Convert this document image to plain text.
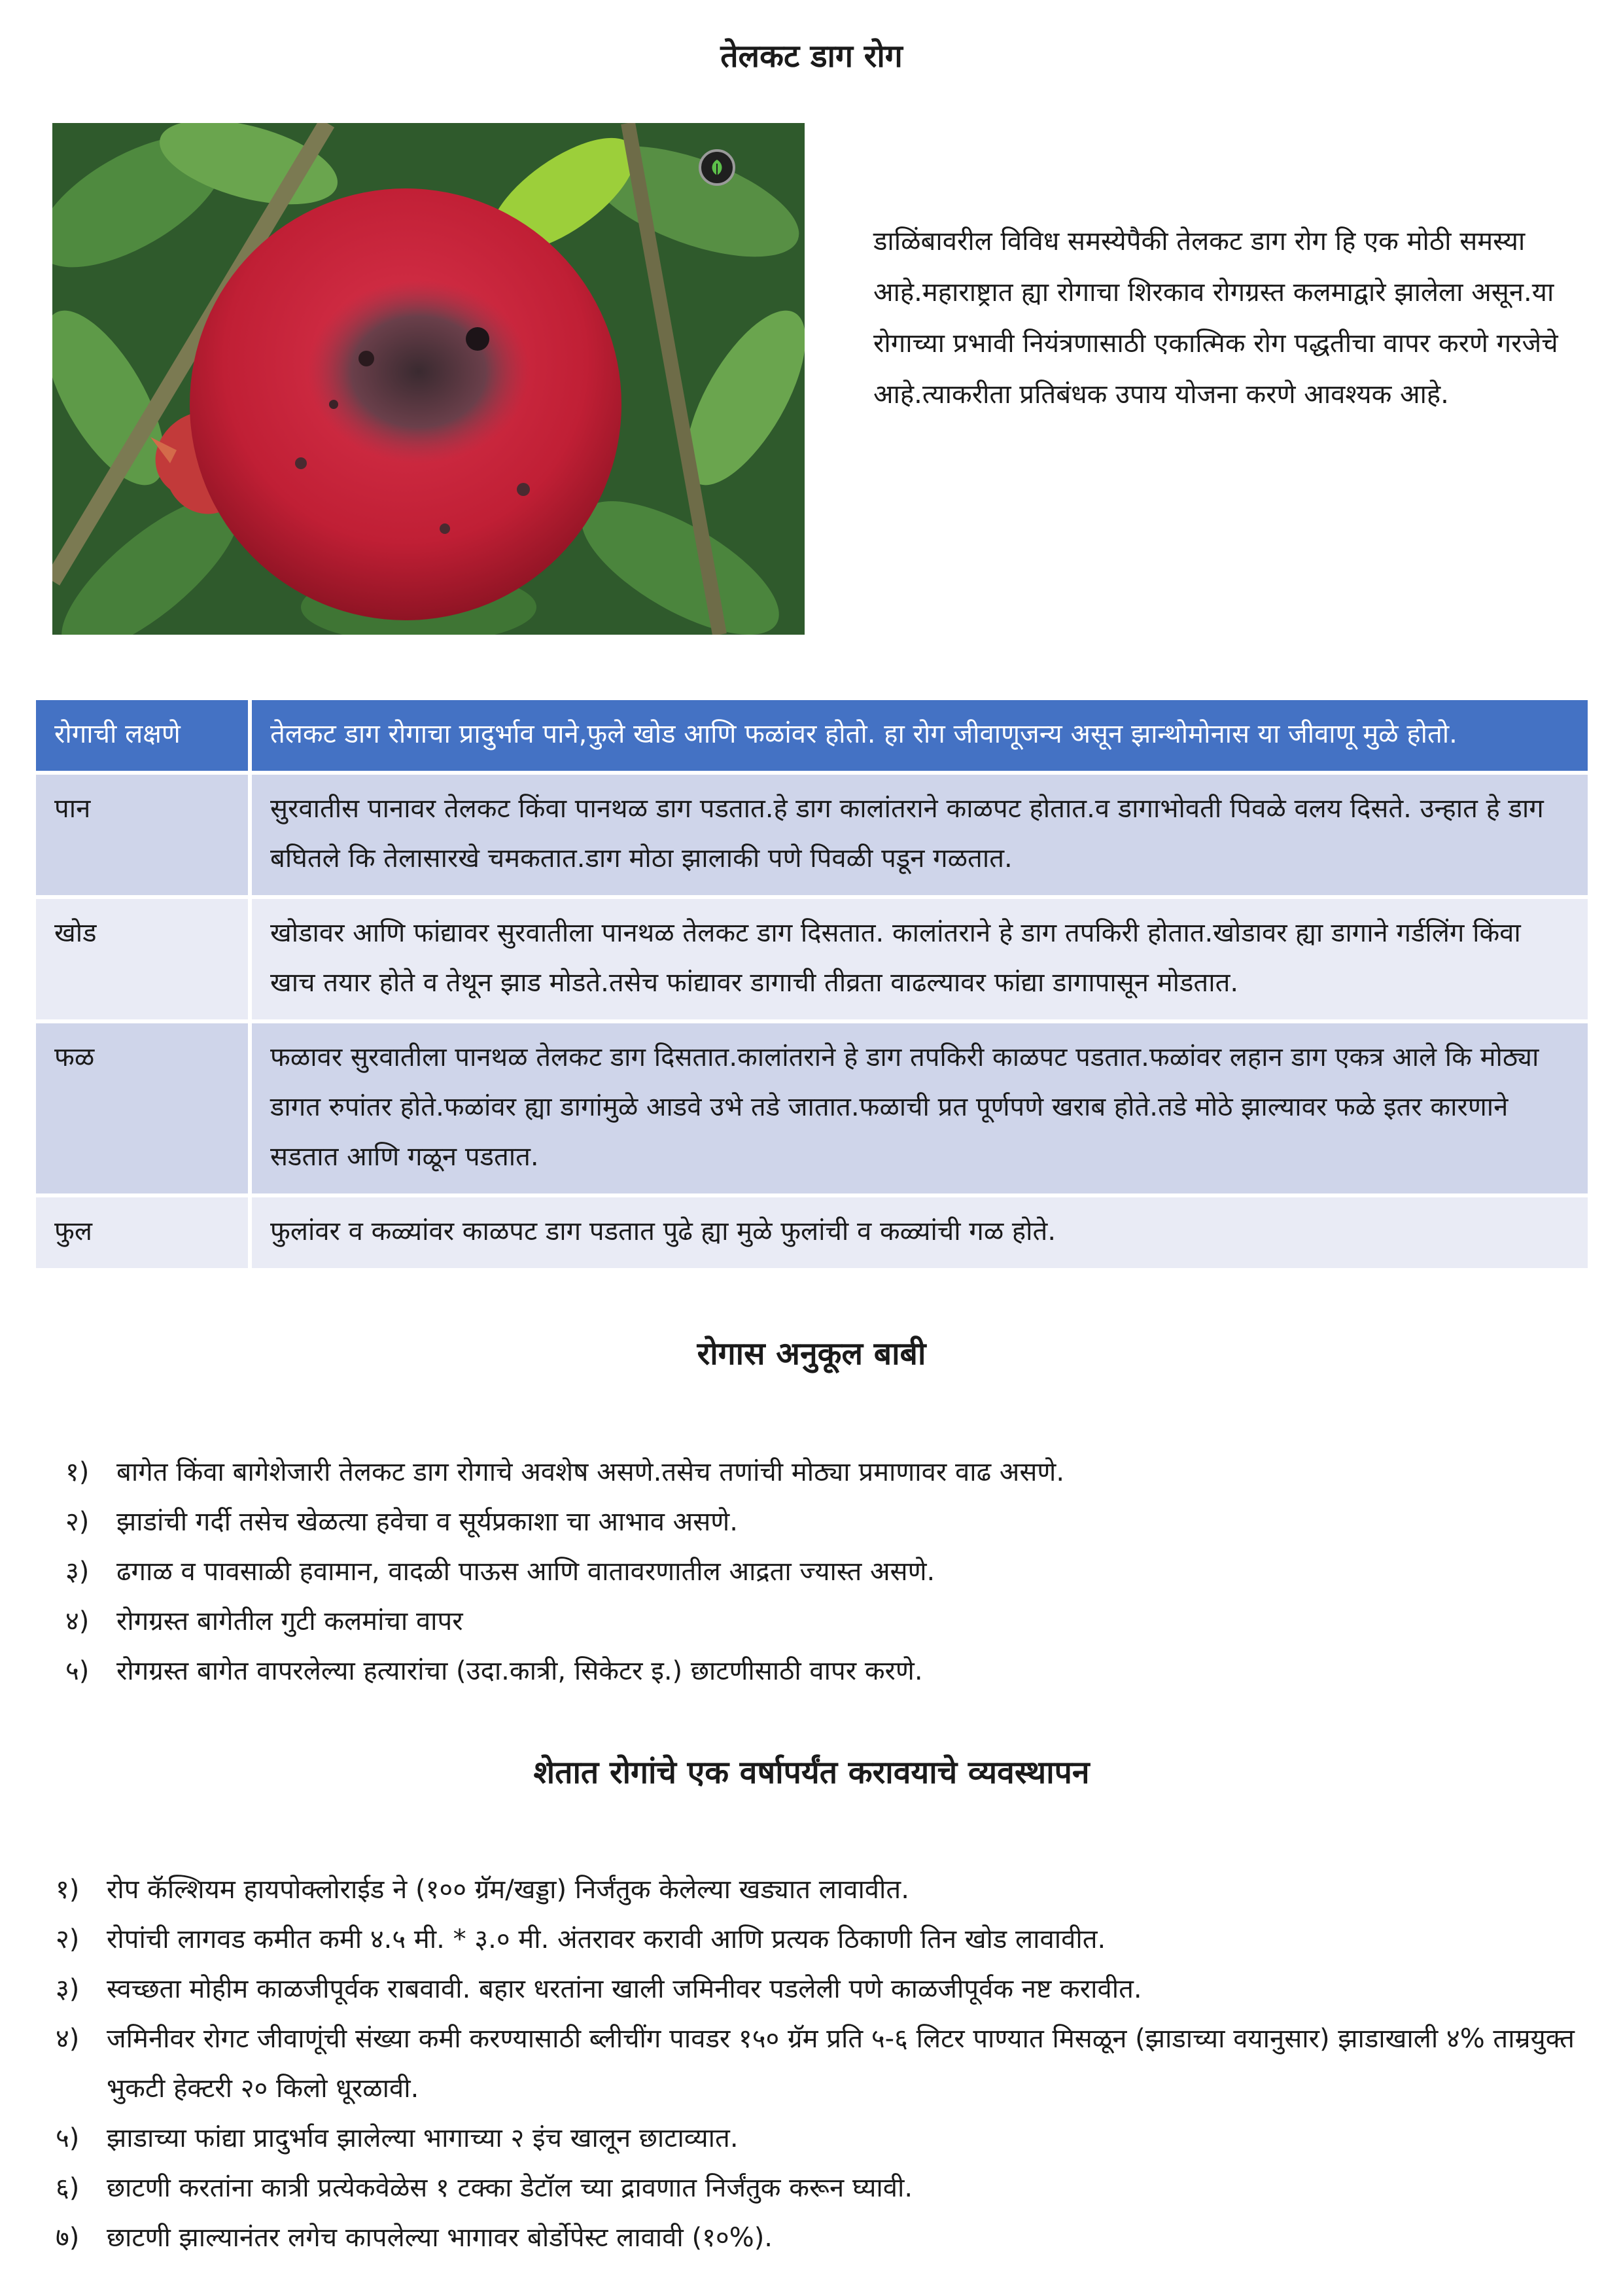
तेलकट डाग रोग

डाळिंबावरील विविध समस्येपैकी तेलकट डाग रोग हि एक मोठी समस्या आहे.महाराष्ट्रात ह्या रोगाचा शिरकाव रोगग्रस्त कलमाद्वारे झालेला असून.या रोगाच्या प्रभावी नियंत्रणासाठी एकात्मिक रोग पद्धतीचा वापर करणे गरजेचे आहे.त्याकरीता प्रतिबंधक उपाय योजना करणे आवश्यक आहे.

रोगाची लक्षणे	तेलकट डाग रोगाचा प्रादुर्भाव पाने,फुले खोड आणि फळांवर होतो. हा रोग जीवाणूजन्य असून झान्थोमोनास या जीवाणू मुळे होतो.
पान	सुरवातीस पानावर तेलकट किंवा पानथळ डाग पडतात.हे डाग कालांतराने काळपट होतात.व डागाभोवती पिवळे वलय दिसते. उन्हात हे डाग बघितले कि तेलासारखे चमकतात.डाग मोठा झालाकी पणे पिवळी पडून गळतात.
खोड	खोडावर आणि फांद्यावर सुरवातीला पानथळ तेलकट डाग दिसतात. कालांतराने हे डाग तपकिरी होतात.खोडावर ह्या डागाने गर्डलिंग किंवा खाच तयार होते व तेथून झाड मोडते.तसेच फांद्यावर डागाची तीव्रता वाढल्यावर फांद्या डागापासून मोडतात.
फळ	फळावर सुरवातीला पानथळ तेलकट डाग दिसतात.कालांतराने हे डाग तपकिरी काळपट पडतात.फळांवर लहान डाग एकत्र आले कि मोठ्या डागत रुपांतर होते.फळांवर ह्या डागांमुळे आडवे उभे तडे जातात.फळाची प्रत पूर्णपणे खराब होते.तडे मोठे झाल्यावर फळे इतर कारणाने सडतात आणि गळून पडतात.
फुल	फुलांवर व कळ्यांवर काळपट डाग पडतात पुढे ह्या मुळे फुलांची व कळ्यांची गळ होते.
रोगास अनुकूल बाबी
१)	बागेत किंवा बागेशेजारी तेलकट डाग रोगाचे अवशेष असणे.तसेच तणांची मोठ्या प्रमाणावर वाढ असणे.
२)	झाडांची गर्दी तसेच खेळत्या हवेचा व सूर्यप्रकाशा चा आभाव असणे.
३)	ढगाळ व पावसाळी हवामान, वादळी पाऊस आणि वातावरणातील आद्रता ज्यास्त असणे.
४)	रोगग्रस्त बागेतील गुटी कलमांचा वापर
५)	रोगग्रस्त बागेत वापरलेल्या हत्यारांचा (उदा.कात्री, सिकेटर इ.) छाटणीसाठी वापर करणे.
शेतात रोगांचे एक वर्षापर्यंत करावयाचे व्यवस्थापन
१)	रोप कॅल्शियम हायपोक्लोराईड ने (१०० ग्रॅम/खड्डा) निर्जंतुक केलेल्या खड्यात लावावीत.
२)	रोपांची लागवड कमीत कमी ४.५ मी. * ३.० मी. अंतरावर करावी आणि प्रत्यक ठिकाणी तिन खोड लावावीत.
३)	स्वच्छता मोहीम काळजीपूर्वक राबवावी. बहार धरतांना खाली जमिनीवर पडलेली पणे काळजीपूर्वक नष्ट करावीत.
४)	जमिनीवर रोगट जीवाणूंची संख्या कमी करण्यासाठी ब्लीचींग पावडर १५० ग्रॅम प्रति ५-६ लिटर पाण्यात मिसळून (झाडाच्या वयानुसार) झाडाखाली ४% ताम्रयुक्त भुकटी हेक्टरी २० किलो धूरळावी.
५)	झाडाच्या फांद्या प्रादुर्भाव झालेल्या भागाच्या २ इंच खालून छाटाव्यात.
६)	छाटणी करतांना कात्री प्रत्येकवेळेस १ टक्का डेटॉल च्या द्रावणात निर्जंतुक करून घ्यावी.
७)	छाटणी झाल्यानंतर लगेच कापलेल्या भागावर बोर्डोपेस्ट लावावी (१०%).
